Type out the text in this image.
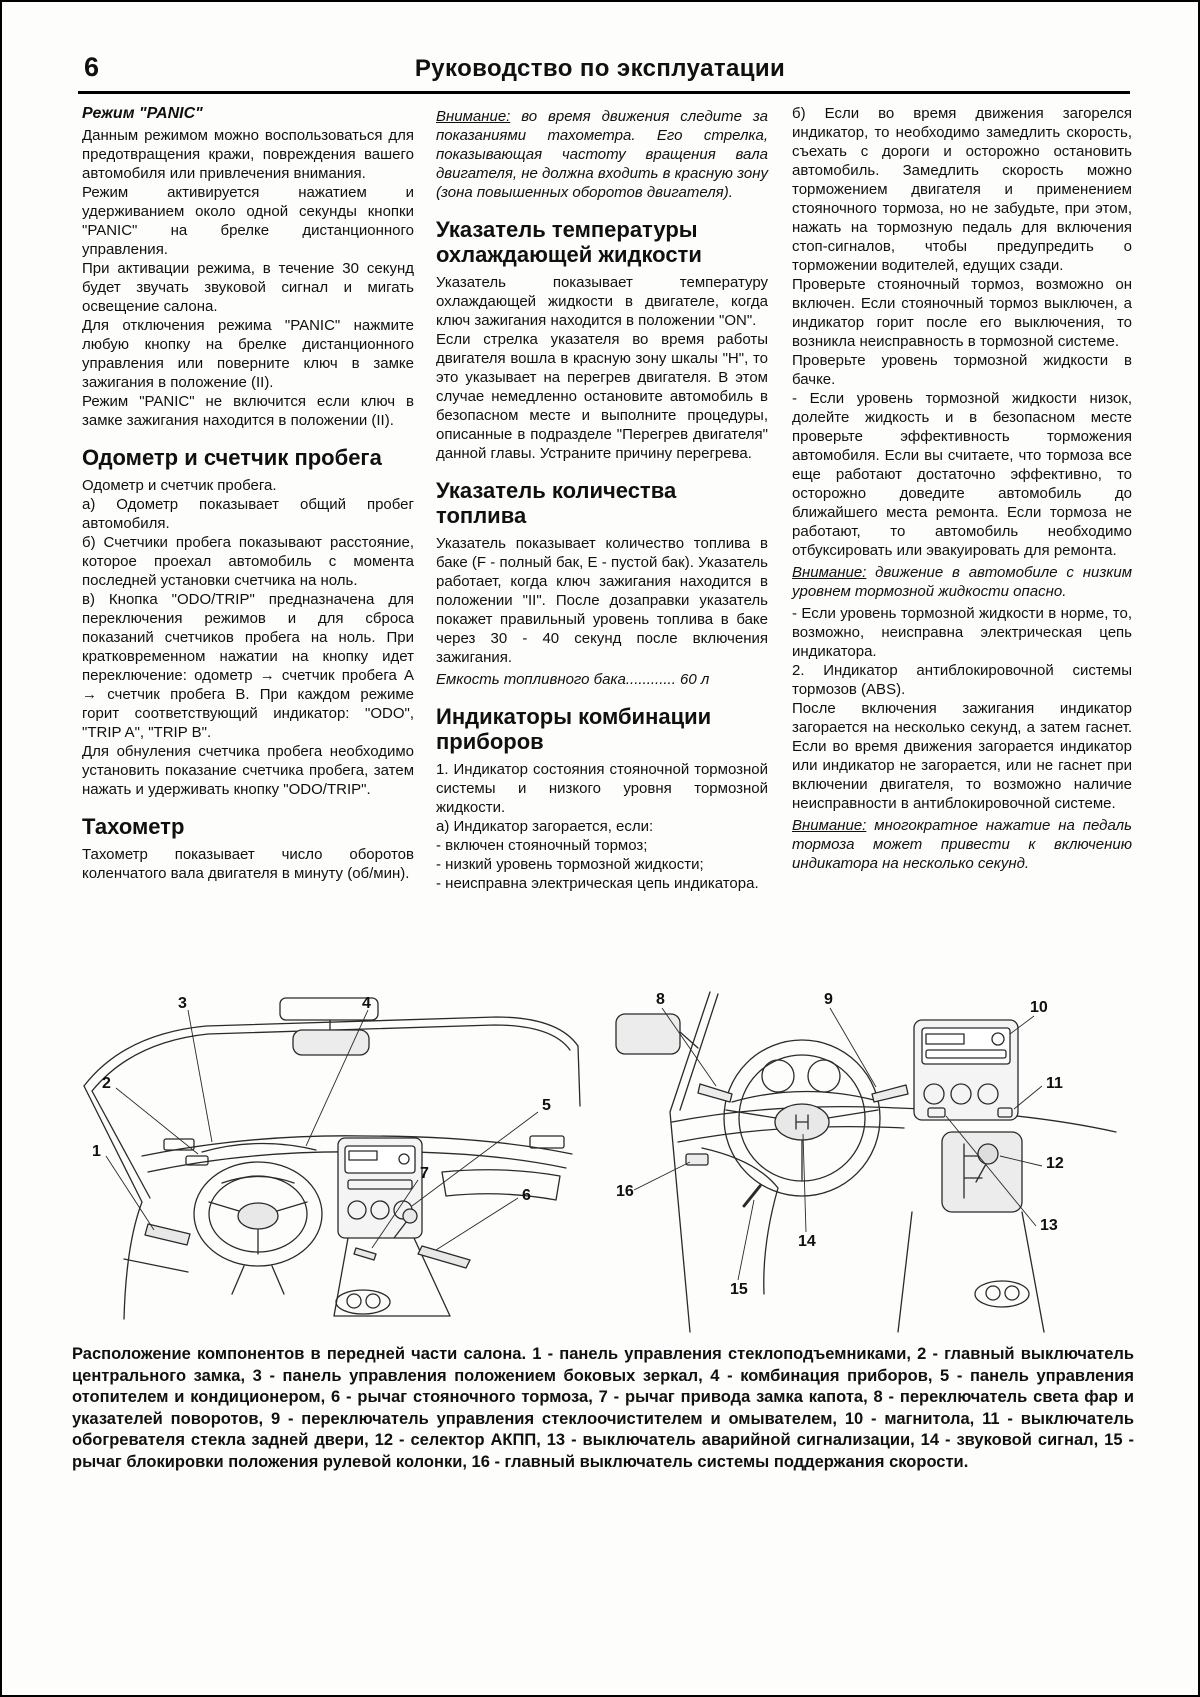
6	Руководство по эксплуатации

Режим "PANIC"

Данным режимом можно воспользоваться для предотвращения кражи, повреждения вашего автомобиля или привлечения внимания.

Режим активируется нажатием и удерживанием около одной секунды кнопки "PANIC" на брелке дистанционного управления.

При активации режима, в течение 30 секунд будет звучать звуковой сигнал и мигать освещение салона.

Для отключения режима "PANIC" нажмите любую кнопку на брелке дистанционного управления или поверните ключ в замке зажигания в положение (II).

Режим "PANIC" не включится если ключ в замке зажигания находится в положении (II).

Одометр и счетчик пробега

Одометр и счетчик пробега.

а) Одометр показывает общий пробег автомобиля.

б) Счетчики пробега показывают расстояние, которое проехал автомобиль с момента последней установки счетчика на ноль.

в) Кнопка "ODO/TRIP" предназначена для переключения режимов и для сброса показаний счетчиков пробега на ноль. При кратковременном нажатии на кнопку идет переключение: одометр → счетчик пробега А → счетчик пробега В. При каждом режиме горит соответствующий индикатор: "ODO", "TRIP A", "TRIP B".

Для обнуления счетчика пробега необходимо установить показание счетчика пробега, затем нажать и удерживать кнопку "ODO/TRIP".

Тахометр

Тахометр показывает число оборотов коленчатого вала двигателя в минуту (об/мин).

Внимание: во время движения следите за показаниями тахометра. Его стрелка, показывающая частоту вращения вала двигателя, не должна входить в красную зону (зона повышенных оборотов двигателя).

Указатель температуры охлаждающей жидкости

Указатель показывает температуру охлаждающей жидкости в двигателе, когда ключ зажигания находится в положении "ON".

Если стрелка указателя во время работы двигателя вошла в красную зону шкалы "H", то это указывает на перегрев двигателя. В этом случае немедленно остановите автомобиль в безопасном месте и выполните процедуры, описанные в подразделе "Перегрев двигателя" данной главы. Устраните причину перегрева.

Указатель количества топлива

Указатель показывает количество топлива в баке (F - полный бак, Е - пустой бак). Указатель работает, когда ключ зажигания находится в положении "II". После дозаправки указатель покажет правильный уровень топлива в баке через 30 - 40 секунд после включения зажигания.

Емкость топливного бака............ 60 л

Индикаторы комбинации приборов

1. Индикатор состояния стояночной тормозной системы и низкого уровня тормозной жидкости.

а) Индикатор загорается, если:

- включен стояночный тормоз;

- низкий уровень тормозной жидкости;

- неисправна электрическая цепь индикатора.

б) Если во время движения загорелся индикатор, то необходимо замедлить скорость, съехать с дороги и осторожно остановить автомобиль. Замедлить скорость можно торможением двигателя и применением стояночного тормоза, но не забудьте, при этом, нажать на тормозную педаль для включения стоп-сигналов, чтобы предупредить о торможении водителей, едущих сзади.

Проверьте стояночный тормоз, возможно он включен. Если стояночный тормоз выключен, а индикатор горит после его выключения, то возникла неисправность в тормозной системе.

Проверьте уровень тормозной жидкости в бачке.

- Если уровень тормозной жидкости низок, долейте жидкость и в безопасном месте проверьте эффективность торможения автомобиля. Если вы считаете, что тормоза все еще работают достаточно эффективно, то осторожно доведите автомобиль до ближайшего места ремонта. Если тормоза не работают, то автомобиль необходимо отбуксировать или эвакуировать для ремонта.

Внимание: движение в автомобиле с низким уровнем тормозной жидкости опасно.

- Если уровень тормозной жидкости в норме, то, возможно, неисправна электрическая цепь индикатора.

2. Индикатор антиблокировочной системы тормозов (ABS).

После включения зажигания индикатор загорается на несколько секунд, а затем гаснет. Если во время движения загорается индикатор или индикатор не загорается, или не гаснет при включении двигателя, то возможно наличие неисправности в антиблокировочной системе.

Внимание: многократное нажатие на педаль тормоза может привести к включению индикатора на несколько секунд.

3	4
2
1
5
7
6
8	9	10
11
12
13
14
15
16

Расположение компонентов в передней части салона. 1 - панель управления стеклоподъемниками, 2 - главный выключатель центрального замка, 3 - панель управления положением боковых зеркал, 4 - комбинация приборов, 5 - панель управления отопителем и кондиционером, 6 - рычаг стояночного тормоза, 7 - рычаг привода замка капота, 8 - переключатель света фар и указателей поворотов, 9 - переключатель управления стеклоочистителем и омывателем, 10 - магнитола, 11 - выключатель обогревателя стекла задней двери, 12 - селектор АКПП, 13 - выключатель аварийной сигнализации, 14 - звуковой сигнал, 15 - рычаг блокировки положения рулевой колонки, 16 - главный выключатель системы поддержания скорости.
